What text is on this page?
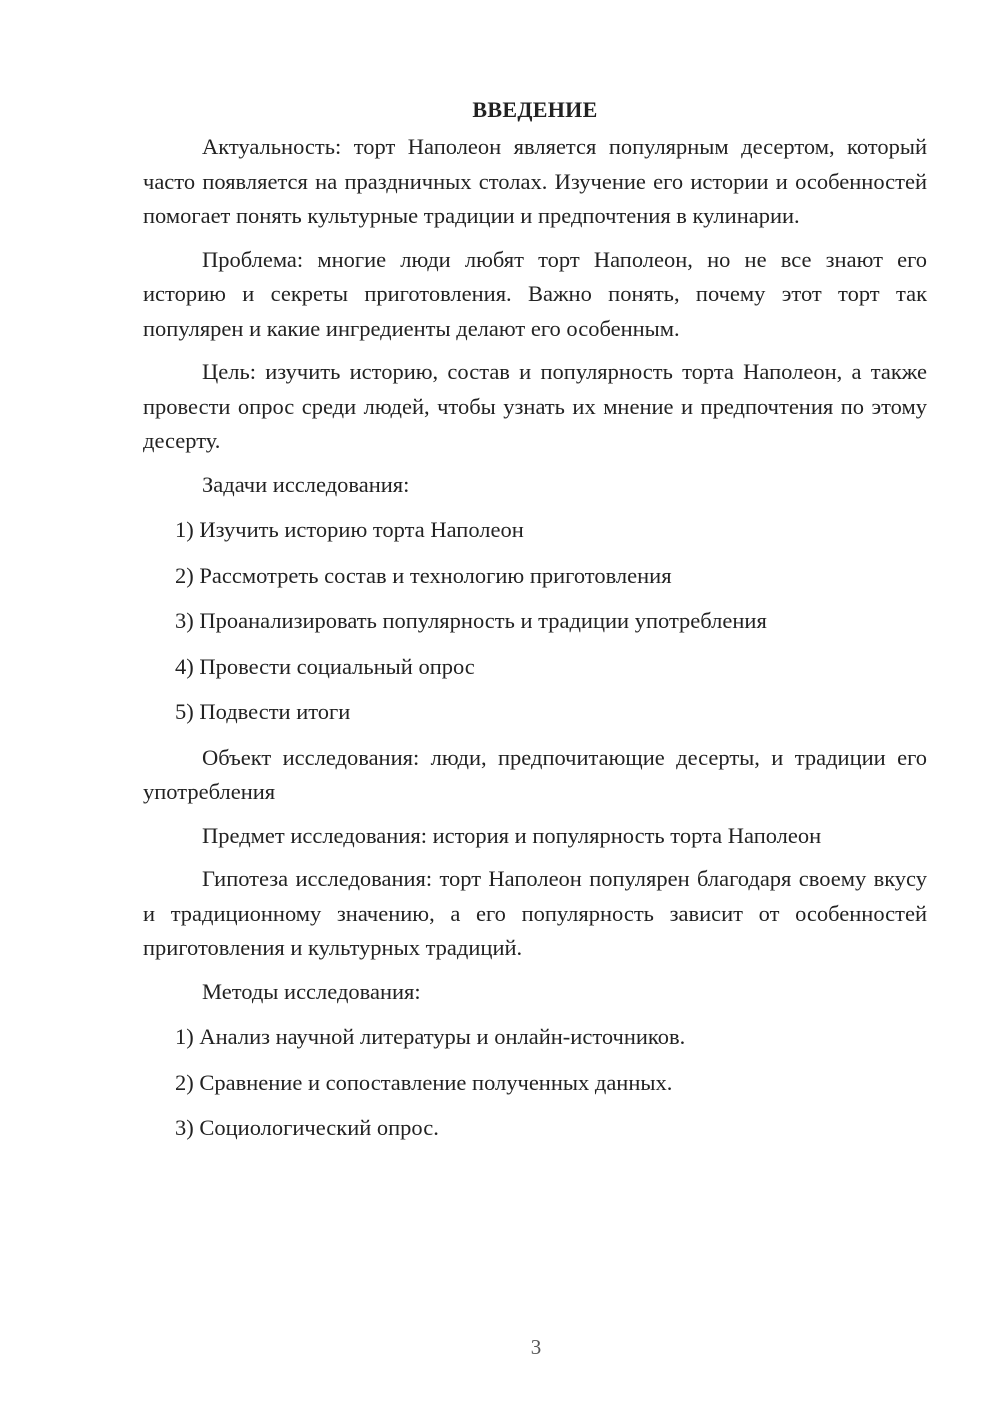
ВВЕДЕНИЕ

Актуальность: торт Наполеон является популярным десертом, который часто появляется на праздничных столах. Изучение его истории и особенностей помогает понять культурные традиции и предпочтения в кулинарии.

Проблема: многие люди любят торт Наполеон, но не все знают его историю и секреты приготовления. Важно понять, почему этот торт так популярен и какие ингредиенты делают его особенным.

Цель: изучить историю, состав и популярность торта Наполеон, а также провести опрос среди людей, чтобы узнать их мнение и предпочтения по этому десерту.

Задачи исследования:
1) Изучить историю торта Наполеон
2) Рассмотреть состав и технологию приготовления
3) Проанализировать популярность и традиции употребления
4) Провести социальный опрос
5) Подвести итоги

Объект исследования: люди, предпочитающие десерты, и традиции его употребления

Предмет исследования: история и популярность торта Наполеон

Гипотеза исследования: торт Наполеон популярен благодаря своему вкусу и традиционному значению, а его популярность зависит от особенностей приготовления и культурных традиций.

Методы исследования:
1) Анализ научной литературы и онлайн-источников.
2) Сравнение и сопоставление полученных данных.
3) Социологический опрос.
3
